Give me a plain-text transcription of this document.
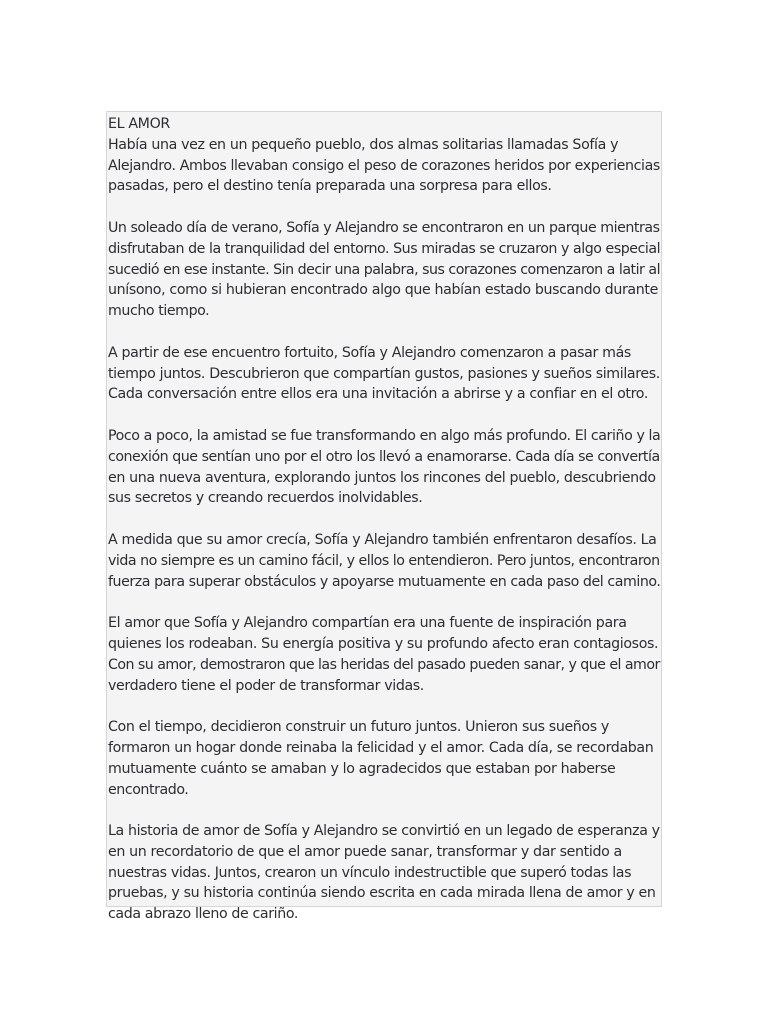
EL AMOR
Había una vez en un pequeño pueblo, dos almas solitarias llamadas Sofía y
Alejandro. Ambos llevaban consigo el peso de corazones heridos por experiencias
pasadas, pero el destino tenía preparada una sorpresa para ellos.
Un soleado día de verano, Sofía y Alejandro se encontraron en un parque mientras
disfrutaban de la tranquilidad del entorno. Sus miradas se cruzaron y algo especial
sucedió en ese instante. Sin decir una palabra, sus corazones comenzaron a latir al
unísono, como si hubieran encontrado algo que habían estado buscando durante
mucho tiempo.
A partir de ese encuentro fortuito, Sofía y Alejandro comenzaron a pasar más
tiempo juntos. Descubrieron que compartían gustos, pasiones y sueños similares.
Cada conversación entre ellos era una invitación a abrirse y a confiar en el otro.
Poco a poco, la amistad se fue transformando en algo más profundo. El cariño y la
conexión que sentían uno por el otro los llevó a enamorarse. Cada día se convertía
en una nueva aventura, explorando juntos los rincones del pueblo, descubriendo
sus secretos y creando recuerdos inolvidables.
A medida que su amor crecía, Sofía y Alejandro también enfrentaron desafíos. La
vida no siempre es un camino fácil, y ellos lo entendieron. Pero juntos, encontraron
fuerza para superar obstáculos y apoyarse mutuamente en cada paso del camino.
El amor que Sofía y Alejandro compartían era una fuente de inspiración para
quienes los rodeaban. Su energía positiva y su profundo afecto eran contagiosos.
Con su amor, demostraron que las heridas del pasado pueden sanar, y que el amor
verdadero tiene el poder de transformar vidas.
Con el tiempo, decidieron construir un futuro juntos. Unieron sus sueños y
formaron un hogar donde reinaba la felicidad y el amor. Cada día, se recordaban
mutuamente cuánto se amaban y lo agradecidos que estaban por haberse
encontrado.
La historia de amor de Sofía y Alejandro se convirtió en un legado de esperanza y
en un recordatorio de que el amor puede sanar, transformar y dar sentido a
nuestras vidas. Juntos, crearon un vínculo indestructible que superó todas las
pruebas, y su historia continúa siendo escrita en cada mirada llena de amor y en
cada abrazo lleno de cariño.
